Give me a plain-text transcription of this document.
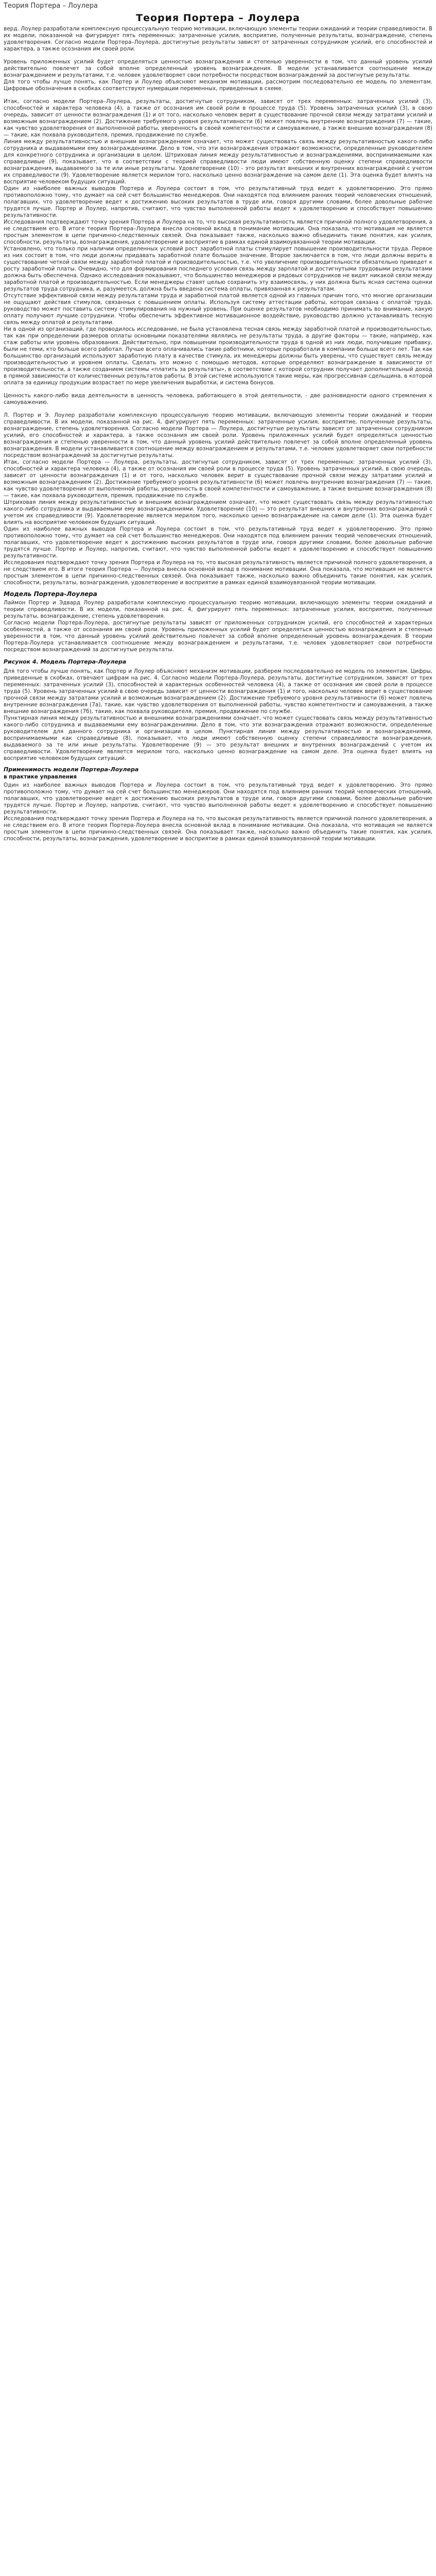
Теория Портера – Лоулера
Теория Портера – Лоулера

верд. Лоулер разработали комплексную процессуальную теорию мотивации, включающую элементы теории ожиданий и теории справедливости. В их модели, показанной на фигурирует пять переменных: затраченные усилия, восприятие, полученные результаты, вознаграждение, степень удовлетворения. Согласно модели Портера–Лоулера, достигнутые результаты зависят от затраченных сотрудником усилий, его способностей и характера, а также осознания им своей роли.

Уровень приложенных усилий будет определяться ценностью вознаграждения и степенью уверенности в том, что данный уровень усилий действительно повлечет за собой вполне определенный уровень вознаграждения. В модели устанавливается соотношение между вознаграждением и результатами, т.е. человек удовлетворяет свои потребности посредством вознаграждений за достигнутые результаты.

Для того чтобы лучше понять, как Портер и Лоулер объясняют механизм мотивации, рассмотрим последовательно ее модель по элементам. Цифровые обозначения в скобках соответствуют нумерации переменных, приведенных в схеме.

Итак, согласно модели Портера–Лоулера, результаты, достигнутые сотрудником, зависят от трех переменных: затраченных усилий (3), способностей и характера человека (4), а также от осознания им своей роли в процессе труда (5). Уровень затраченных усилий (3), в свою очередь, зависит от ценности вознаграждения (1) и от того, насколько человек верит в существование прочной связи между затратами усилий и возможным вознаграждением (2). Достижение требуемого уровня результативности (6) может повлечь внутренние вознаграждения (7) — такие, как чувство удовлетворения от выполненной работы, уверенность в своей компетентности и самоуважение, а также внешние вознаграждения (8) — такие, как похвала руководителя, премия, продвижение по службе.

Линия между результативностью и внешним вознаграждением означает, что может существовать связь между результативностью какого-либо сотрудника и выдаваемыми ему вознаграждениями. Дело в том, что эти вознаграждения отражают возможности, определенные руководителем для конкретного сотрудника и организации в целом. Штриховая линия между результативностью и вознаграждениями, воспринимаемыми как справедливые (9), показывает, что в соответствии с теорией справедливости люди имеют собственную оценку степени справедливости вознаграждения, выдаваемого за те или иные результаты. Удовлетворение (10) - это результат внешних и внутренних вознаграждений с учетом их справедливости (9). Удовлетворение является мерилом того, насколько ценно вознаграждение на самом деле (1). Эта оценка будет влиять на восприятие человеком будущих ситуаций.

Один из наиболее важных выводов Портера и Лоулера состоит в том, что результативный труд ведет к удовлетворению. Это прямо противоположно тому, что думает на сей счет большинство менеджеров. Они находятся под влиянием ранних теорий человеческих отношений, полагавших, что удовлетворение ведет к достижению высоких результатов в труде или, говоря другими словами, более довольные рабочие трудятся лучше. Портер и Лоулер, напротив, считают, что чувство выполненной работы ведет к удовлетворению и способствует повышению результативности.

Исследования подтверждают точку зрения Портера и Лоулера на то, что высокая результативность является причиной полного удовлетворения, а не следствием его. В итоге теория Портера–Лоулера внесла основной вклад в понимание мотивации. Она показала, что мотивация не является простым элементом в цепи причинно-следственных связей. Она показывает также, насколько важно объединить такие понятия, как усилия, способности, результаты, вознаграждения, удовлетворение и восприятие в рамках единой взаимоувязанной теории мотивации.

Установлено, что только при наличии определенных условий рост заработной платы стимулирует повышение производительности труда. Первое из них состоит в том, что люди должны придавать заработной плате большое значение. Второе заключается в том, что люди должны верить в существование четкой связи между заработной платой и производительностью, т.е. что увеличение производительности обязательно приведет к росту заработной платы. Очевидно, что для формирования последнего условия связь между зарплатой и достигнутыми трудовыми результатами должна быть обеспечена. Однако исследования показывают, что большинство менеджеров и рядовых сотрудников не видят никакой связи между заработной платой и производительностью. Если менеджеры ставят целью сохранить эту взаимосвязь, у них должна быть ясная система оценки результатов труда сотрудника, и, разумеется, должна быть введена система оплаты, привязанная к результатам.

Отсутствие эффективной связи между результатами труда и заработной платой является одной из главных причин того, что многие организации не ощущают действия стимулов, связанных с повышением оплаты. Используя систему аттестации работы, которая связана с оплатой труда, руководство может поставить систему стимулирования на нужный уровень. При оценке результатов необходимо принимать во внимание, какую оплату получают лучшие сотрудники. Чтобы обеспечить эффективное мотивационное воздействие, руководство должно устанавливать тесную связь между оплатой и результатами.

Ни в одной из организаций, где проводилось исследование, не была установлена тесная связь между заработной платой и производительностью, так как при определении размеров оплаты основными показателями являлись не результаты труда, а другие факторы — такие, например, как стаж работы или уровень образования. Действительно, при повышении производительности труда в одной из них люди, получившие прибавку, были не теми, кто больше всего работал. Лучше всего оплачивались такие работники, которые проработали в компании больше всего лет. Так как большинство организаций используют заработную плату в качестве стимула, их менеджеры должны быть уверены, что существует связь между производительностью и уровнем оплаты. Сделать это можно с помощью методов, которые определяют вознаграждение в зависимости от производительности, а также созданием системы «платить за результаты», в соответствии с которой сотрудник получает дополнительный доход в прямой зависимости от количественных результатов работы. В этой системе используются такие меры, как прогрессивная сдельщина, в которой оплата за единицу продукции возрастает по мере увеличения выработки, и система бонусов.

Ценность какого-либо вида деятельности в ценность человека, работающего в этой деятельности, - две разновидности одного стремления к самоуважению.

Л. Портер и Э. Лоулер разработали комплексную процессуальную теорию мотивации, включающую элементы теории ожиданий и теории справедливости. В их модели, показанной на рис. 4, фигурирует пять переменных: затраченные усилия, восприятие, полученные результаты, вознаграждение, степень удовлетворения. Согласно модели Портера — Лоулера, достигнутые результаты зависят от затраченных сотрудником усилий, его способностей и характера, а также осознания им своей роли. Уровень приложенных усилий будет определяться ценностью вознаграждения и степенью уверенности в том, что данный уровень усилий действительно повлечет за собой вполне определенный уровень вознаграждения. В модели устанавливается соотношение между вознаграждением и результатами, т.е. человек удовлетворяет свои потребности посредством вознаграждений за достигнутые результаты.

Итак, согласно модели Портера — Лоулера, результаты, достигнутые сотрудником, зависят от трех переменных: затраченных усилий (3), способностей и характера человека (4), а также от осознания им своей роли в процессе труда (5). Уровень затраченных усилий, в свою очередь, зависит от ценности вознаграждения (1) и от того, насколько человек верит в существование прочной связи между затратами усилий и возможным вознаграждением (2). Достижение требуемого уровня результативности (6) может повлечь внутренние вознаграждения (7) — такие, как чувство удовлетворения от выполненной работы, уверенность в своей компетентности и самоуважение, а также внешние вознаграждения (8) — такие, как похвала руководителя, премия, продвижение по службе.

Штриховая линия между результативностью и внешним вознаграждением означает, что может существовать связь между результативностью какого-либо сотрудника и выдаваемыми ему вознаграждениями. Удовлетворение (10) — это результат внешних и внутренних вознаграждений с учетом их справедливости (9). Удовлетворение является мерилом того, насколько ценно вознаграждение на самом деле (1). Эта оценка будет влиять на восприятие человеком будущих ситуаций.

Один из наиболее важных выводов Портера и Лоулера состоит в том, что результативный труд ведет к удовлетворению. Это прямо противоположно тому, что думает на сей счет большинство менеджеров. Они находятся под влиянием ранних теорий человеческих отношений, полагавших, что удовлетворение ведет к достижению высоких результатов в труде или, говоря другими словами, более довольные рабочие трудятся лучше. Портер и Лоулер, напротив, считают, что чувство выполненной работы ведет к удовлетворению и способствует повышению результативности.

Исследования подтверждают точку зрения Портера и Лоулера на то, что высокая результативность является причиной полного удовлетворения, а не следствием его. В итоге теория Портера — Лоулера внесла основной вклад в понимание мотивации. Она показала, что мотивация не является простым элементом в цепи причинно-следственных связей. Она показывает также, насколько важно объединить такие понятия, как усилия, способности, результаты, вознаграждения, удовлетворение и восприятие в рамках единой взаимоувязанной теории мотивации.

Модель Портера-Лоулера

Лаймон Портер и Эдвард Лоулер разработали комплексную процессуальную теорию мотивации, включающую элементы теории ожиданий и теории справедливости. В их модели, показанной на рис. 4, фигурирует пять переменных: затраченные усилия, восприятие, полученные результаты, вознаграждение, степень удовлетворения.

Согласно модели Портера-Лоулера, достигнутые результаты зависят от приложенных сотрудником усилий, его способностей и характерных особенностей, а также от осознания им своей роли. Уровень приложенных усилий будет определяться ценностью вознаграждения и степенью уверенности в том, что данный уровень усилий действительно повлечет за собой вполне определенный уровень вознаграждения. В теории Портера-Лоулера устанавливается соотношение между вознаграждением и результатами, т.е. человек удовлетворяет свои потребности посредством вознаграждений за достигнутые результаты.

Рисунок 4. Модель Портера-Лоулера

Для того чтобы лучше понять, как Портер и Лоулер объясняют механизм мотивации, разберем последовательно ее модель по элементам. Цифры, приведенные в скобках, отвечают цифрам на рис. 4. Согласно модели Портера-Лоулера, результаты, достигнутые сотрудником, зависят от трех переменных: затраченных усилий (3), способностей и характерных особенностей человека (4), а также от осознания им своей роли в процессе труда (5). Уровень затраченных усилий в свою очередь зависит от ценности вознаграждения (1) и того, насколько человек верит в существование прочной связи между затратами усилий и возможным вознаграждением (2). Достижение требуемого уровня результативности (6) может повлечь внутренние вознаграждения (7а), такие, как чувство удовлетворения от выполненной работы, чувство компетентности и самоуважения, а также внешние вознаграждения (7б), такие, как похвала руководителя, премия, продвижение по службе.

Пунктирная линия между результативностью и внешними вознаграждениями означает, что может существовать связь между результативностью какого-либо сотрудника и выдаваемыми ему вознаграждениями. Дело в том, что эти вознаграждения отражают возможности, определенные руководителем для данного сотрудника и организации в целом. Пунктирная линия между результативностью и вознаграждениями, воспринимаемыми как справедливые (8), показывает, что люди имеют собственную оценку степени справедливости вознаграждения, выдаваемого за те или иные результаты. Удовлетворение (9) — это результат внешних и внутренних вознаграждений с учетом их справедливости. Удовлетворение является мерилом того, насколько ценно вознаграждение на самом деле. Эта оценка будет влиять на восприятие человеком будущих ситуаций.

Применимость модели Портера-Лоулера
в практике управления

Один из наиболее важных выводов Портера и Лоулера состоит в том, что результативный труд ведет к удовлетворению. Это прямо противоположно тому, что думает на сей счет большинство менеджеров. Они находятся под влиянием ранних теорий человеческих отношений, полагавших, что удовлетворение ведет к достижению высоких результатов в труде или, говоря другими словами, более довольные рабочие трудятся лучше. Портер и Лоулер, напротив, считают, что чувство выполненной работы ведет к удовлетворению и способствует повышению результативности.

Исследования подтверждают точку зрения Портера и Лоулера на то, что высокая результативность является причиной полного удовлетворения, а не следствием его. В итоге теория Портера-Лоулера внесла основной вклад в понимание мотивации. Она показала, что мотивация не является простым элементом в цепи причинно-следственных связей. Она показывает также, насколько важно объединить такие понятия, как усилия, способности, результаты, вознаграждения, удовлетворение и восприятие в рамках единой взаимоувязанной теории мотивации.
